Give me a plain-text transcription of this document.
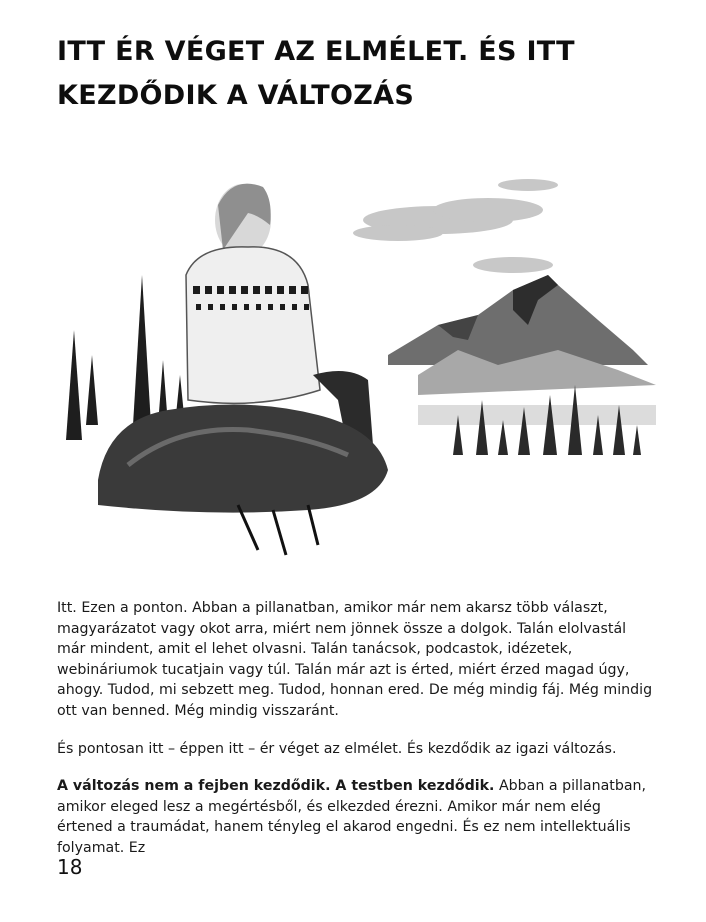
ITT ÉR VÉGET AZ ELMÉLET. ÉS ITT
KEZDŐDIK A VÁLTOZÁS

Itt. Ezen a ponton. Abban a pillanatban, amikor már nem akarsz több választ, magyarázatot vagy okot arra, miért nem jönnek össze a dolgok. Talán elolvastál már mindent, amit el lehet olvasni. Talán tanácsok, podcastok, idézetek, webináriumok tucatjain vagy túl. Talán már azt is érted, miért érzed magad úgy, ahogy. Tudod, mi sebzett meg. Tudod, honnan ered. De még mindig fáj. Még mindig ott van benned. Még mindig visszaránt.

És pontosan itt – éppen itt – ér véget az elmélet. És kezdődik az igazi változás.

A változás nem a fejben kezdődik. A testben kezdődik. Abban a pillanatban, amikor eleged lesz a megértésből, és elkezded érezni. Amikor már nem elég értened a traumádat, hanem tényleg el akarod engedni. És ez nem intellektuális folyamat. Ez

18
